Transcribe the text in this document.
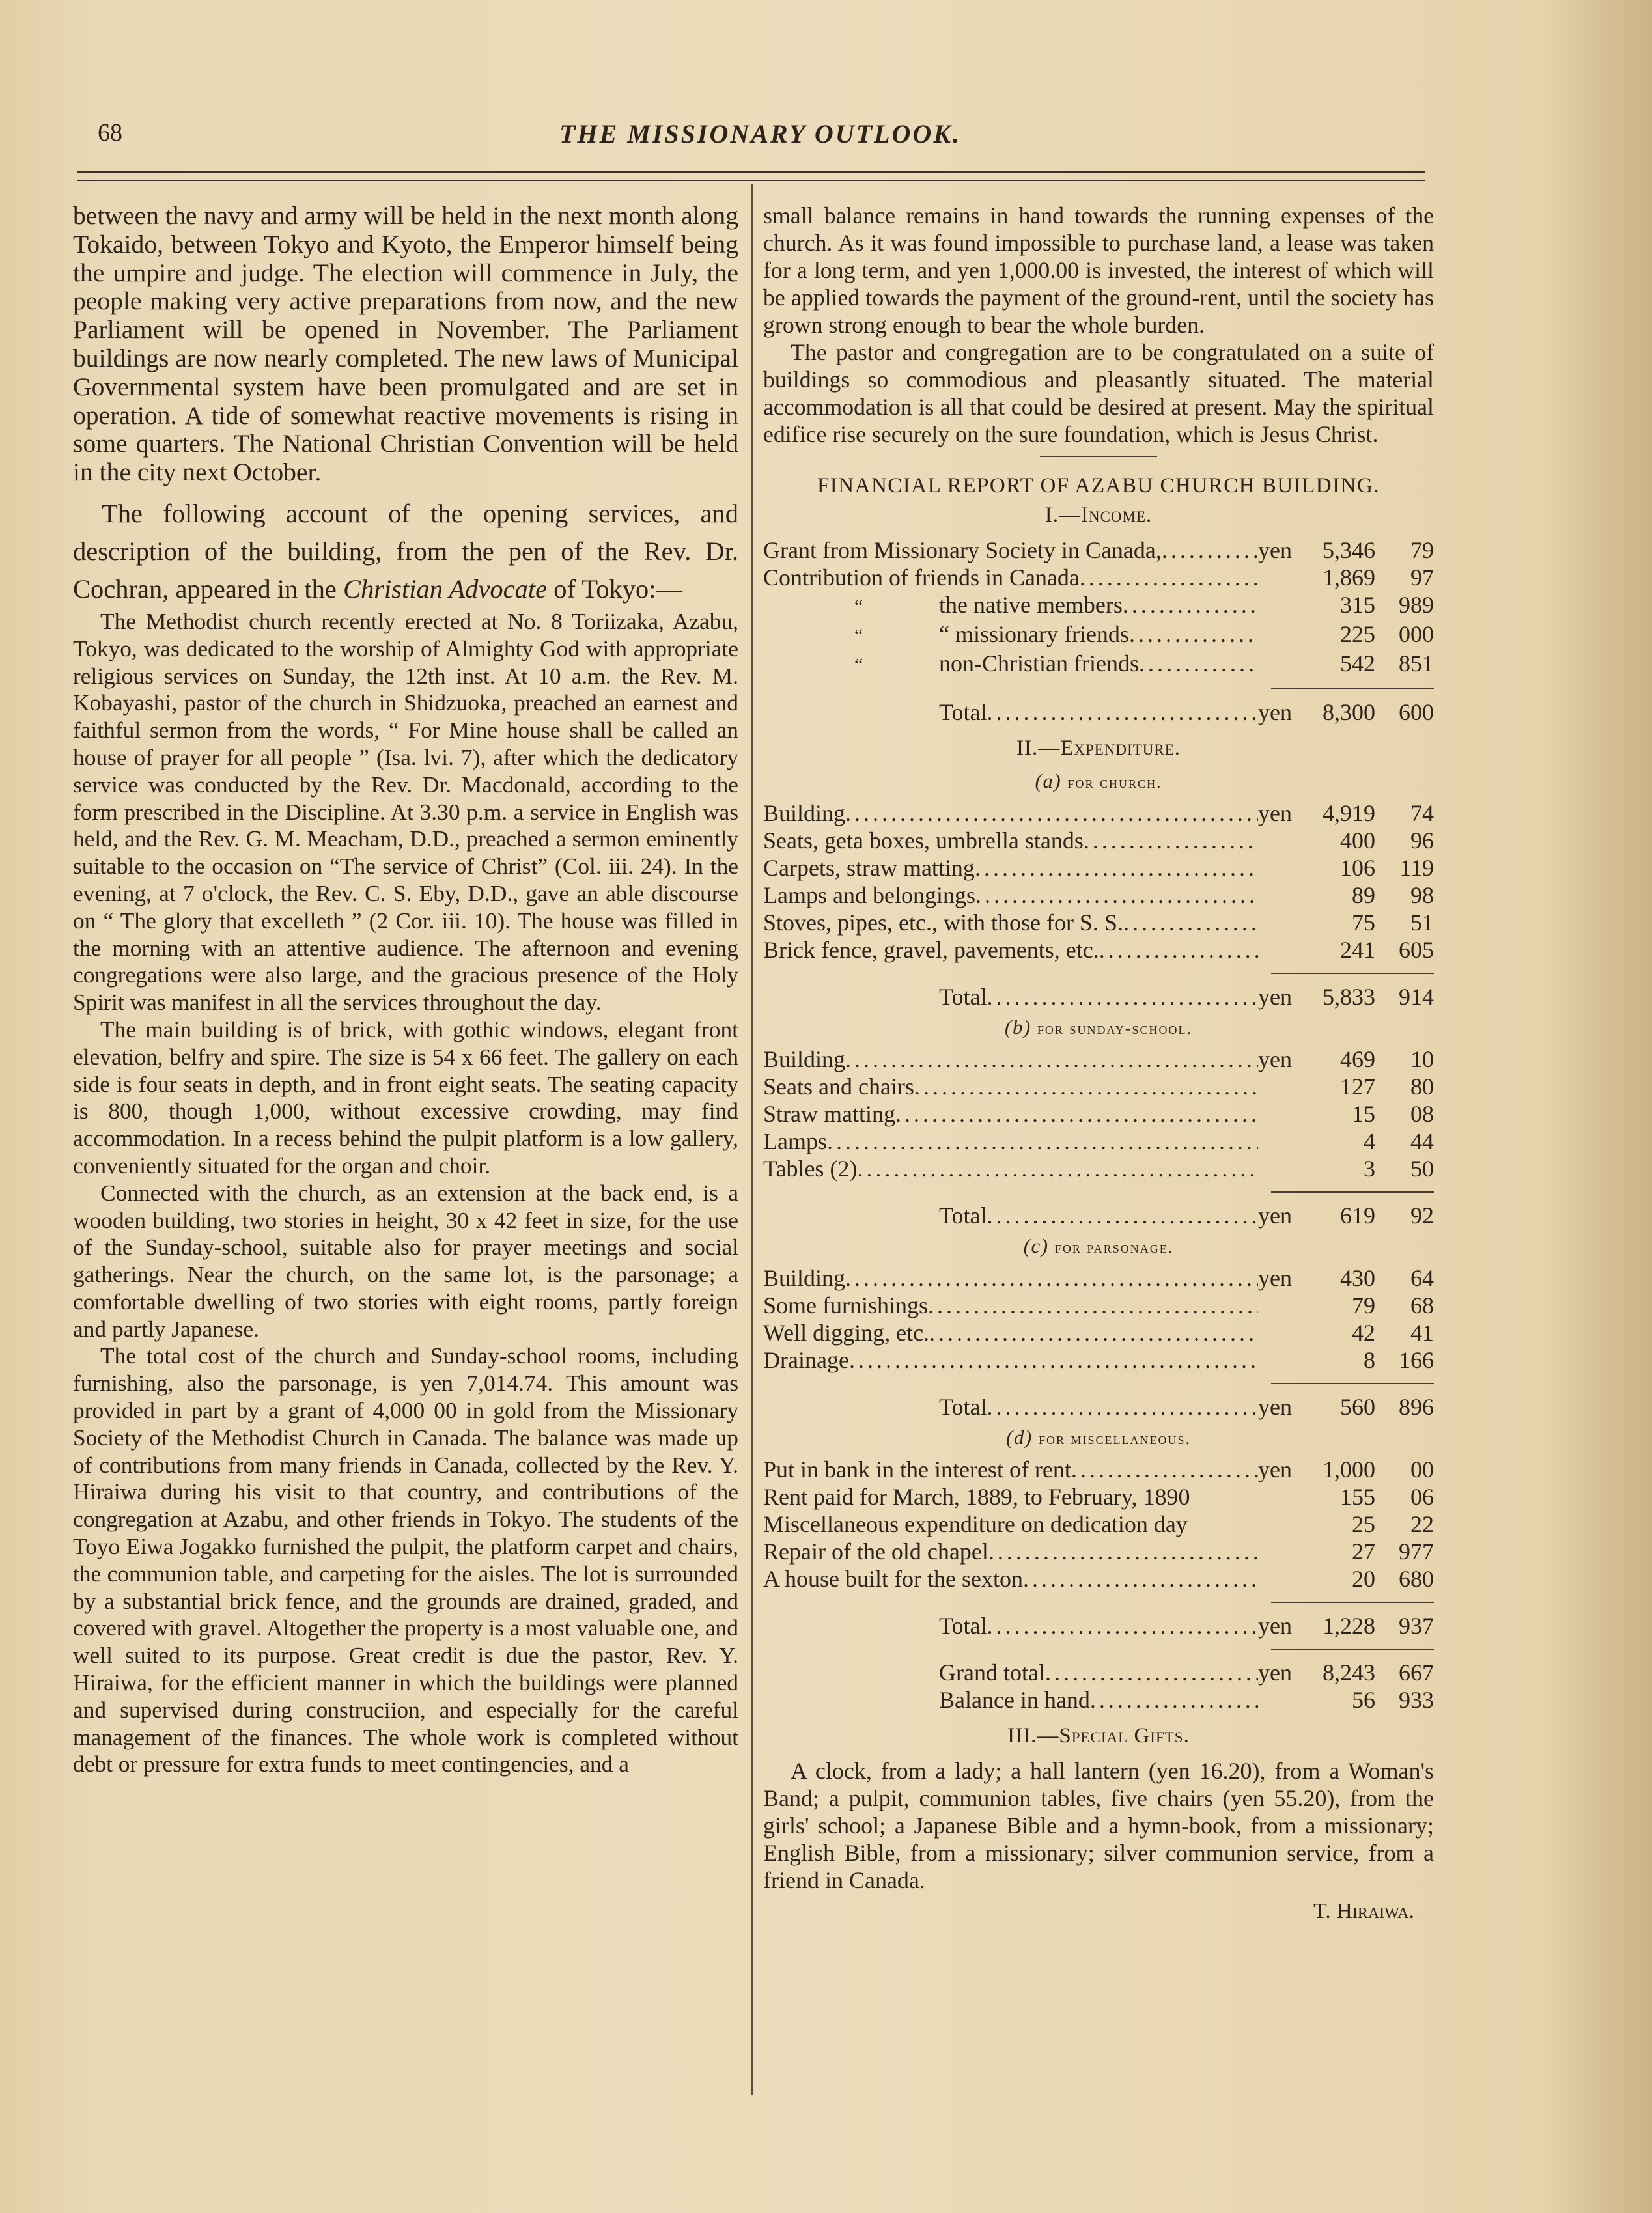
68	THE MISSIONARY OUTLOOK.

between the navy and army will be held in the next month along Tokaido, between Tokyo and Kyoto, the Emperor himself being the umpire and judge. The election will commence in July, the people making very active preparations from now, and the new Parliament will be opened in November. The Parliament buildings are now nearly completed. The new laws of Municipal Governmental system have been promulgated and are set in operation. A tide of somewhat reactive movements is rising in some quarters. The National Christian Convention will be held in the city next October.

The following account of the opening services, and description of the building, from the pen of the Rev. Dr. Cochran, appeared in the Christian Advocate of Tokyo:—

The Methodist church recently erected at No. 8 Toriizaka, Azabu, Tokyo, was dedicated to the worship of Almighty God with appropriate religious services on Sunday, the 12th inst. At 10 a.m. the Rev. M. Kobayashi, pastor of the church in Shidzuoka, preached an earnest and faithful sermon from the words, “ For Mine house shall be called an house of prayer for all people ” (Isa. lvi. 7), after which the dedicatory service was conducted by the Rev. Dr. Macdonald, according to the form prescribed in the Discipline. At 3.30 p.m. a service in English was held, and the Rev. G. M. Meacham, D.D., preached a sermon eminently suitable to the occasion on “The service of Christ” (Col. iii. 24). In the evening, at 7 o'clock, the Rev. C. S. Eby, D.D., gave an able discourse on “ The glory that excelleth ” (2 Cor. iii. 10). The house was filled in the morning with an attentive audience. The afternoon and evening congregations were also large, and the gracious presence of the Holy Spirit was manifest in all the services throughout the day.

The main building is of brick, with gothic windows, elegant front elevation, belfry and spire. The size is 54 x 66 feet. The gallery on each side is four seats in depth, and in front eight seats. The seating capacity is 800, though 1,000, without excessive crowding, may find accommodation. In a recess behind the pulpit platform is a low gallery, conveniently situated for the organ and choir.

Connected with the church, as an extension at the back end, is a wooden building, two stories in height, 30 x 42 feet in size, for the use of the Sunday-school, suitable also for prayer meetings and social gatherings. Near the church, on the same lot, is the parsonage; a comfortable dwelling of two stories with eight rooms, partly foreign and partly Japanese.

The total cost of the church and Sunday-school rooms, including furnishing, also the parsonage, is yen 7,014.74. This amount was provided in part by a grant of 4,000 00 in gold from the Missionary Society of the Methodist Church in Canada. The balance was made up of contributions from many friends in Canada, collected by the Rev. Y. Hiraiwa during his visit to that country, and contributions of the congregation at Azabu, and other friends in Tokyo. The students of the Toyo Eiwa Jogakko furnished the pulpit, the platform carpet and chairs, the communion table, and carpeting for the aisles. The lot is surrounded by a substantial brick fence, and the grounds are drained, graded, and covered with gravel. Altogether the property is a most valuable one, and well suited to its purpose. Great credit is due the pastor, Rev. Y. Hiraiwa, for the efficient manner in which the buildings were planned and supervised during construciion, and especially for the careful management of the finances. The whole work is completed without debt or pressure for extra funds to meet contingencies, and a

small balance remains in hand towards the running expenses of the church. As it was found impossible to purchase land, a lease was taken for a long term, and yen 1,000.00 is invested, the interest of which will be applied towards the payment of the ground-rent, until the society has grown strong enough to bear the whole burden.

The pastor and congregation are to be congratulated on a suite of buildings so commodious and pleasantly situated. The material accommodation is all that could be desired at present. May the spiritual edifice rise securely on the sure foundation, which is Jesus Christ.

FINANCIAL REPORT OF AZABU CHURCH BUILDING.
I.—Income.
Grant from Missionary Society in Canada, .....	yen	5,346	79
Contribution of friends in Canada .....	1,869	97
“	the native members .....	315	989
“	“ missionary friends .....	225	000
“	non-Christian friends .....	542	851
Total .....	yen	8,300	600
II.—Expenditure.
(a) for church.
Building .....	yen	4,919	74
Seats, geta boxes, umbrella stands .....	400	96
Carpets, straw matting .....	106	119
Lamps and belongings .....	89	98
Stoves, pipes, etc., with those for S. S. .....	75	51
Brick fence, gravel, pavements, etc. .....	241	605
Total .....	yen	5,833	914
(b) for sunday-school.
Building .....	yen	469	10
Seats and chairs .....	127	80
Straw matting .....	15	08
Lamps .....	4	44
Tables (2) .....	3	50
Total .....	yen	619	92
(c) for parsonage.
Building .....	yen	430	64
Some furnishings .....	79	68
Well digging, etc. .....	42	41
Drainage .....	8	166
Total .....	yen	560	896
(d) for miscellaneous.
Put in bank in the interest of rent .....	yen	1,000	00
Rent paid for March, 1889, to February, 1890	155	06
Miscellaneous expenditure on dedication day	25	22
Repair of the old chapel .....	27	977
A house built for the sexton .....	20	680
Total .....	yen	1,228	937
Grand total .....	yen	8,243	667
Balance in hand .....	56	933
III.—Special Gifts.

A clock, from a lady; a hall lantern (yen 16.20), from a Woman's Band; a pulpit, communion tables, five chairs (yen 55.20), from the girls' school; a Japanese Bible and a hymn-book, from a missionary; English Bible, from a missionary; silver communion service, from a friend in Canada.

T. Hiraiwa.
